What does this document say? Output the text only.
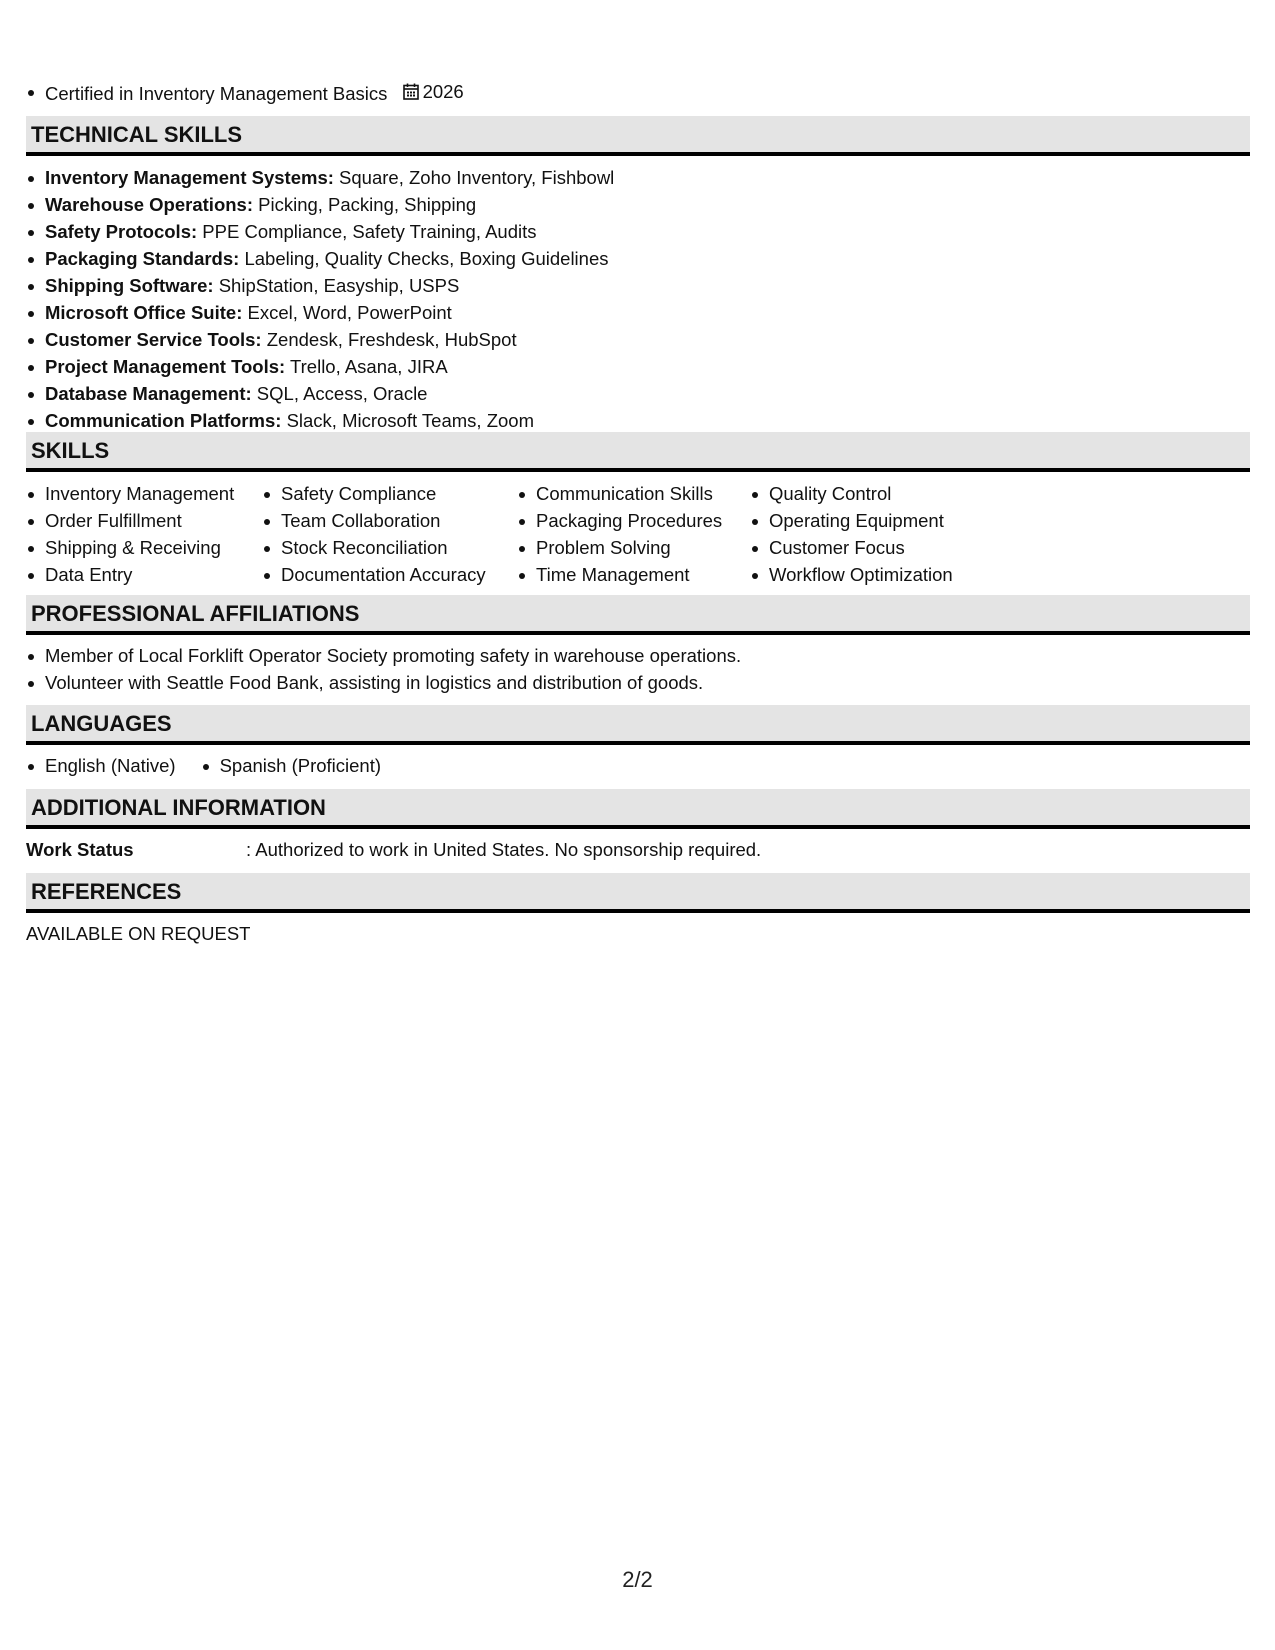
Certified in Inventory Management Basics 2026
TECHNICAL SKILLS
Inventory Management Systems: Square, Zoho Inventory, Fishbowl
Warehouse Operations: Picking, Packing, Shipping
Safety Protocols: PPE Compliance, Safety Training, Audits
Packaging Standards: Labeling, Quality Checks, Boxing Guidelines
Shipping Software: ShipStation, Easyship, USPS
Microsoft Office Suite: Excel, Word, PowerPoint
Customer Service Tools: Zendesk, Freshdesk, HubSpot
Project Management Tools: Trello, Asana, JIRA
Database Management: SQL, Access, Oracle
Communication Platforms: Slack, Microsoft Teams, Zoom
SKILLS
Inventory Management
Order Fulfillment
Shipping & Receiving
Data Entry
Safety Compliance
Team Collaboration
Stock Reconciliation
Documentation Accuracy
Communication Skills
Packaging Procedures
Problem Solving
Time Management
Quality Control
Operating Equipment
Customer Focus
Workflow Optimization
PROFESSIONAL AFFILIATIONS
Member of Local Forklift Operator Society promoting safety in warehouse operations.
Volunteer with Seattle Food Bank, assisting in logistics and distribution of goods.
LANGUAGES
English (Native)	Spanish (Proficient)
ADDITIONAL INFORMATION
Work Status	: Authorized to work in United States. No sponsorship required.
REFERENCES
AVAILABLE ON REQUEST
2/2
